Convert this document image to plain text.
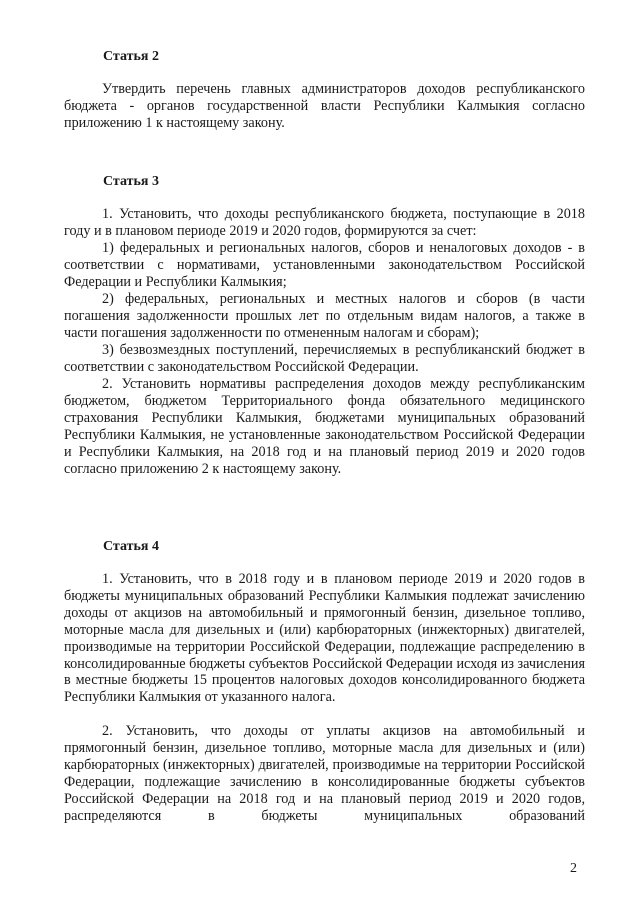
Статья 2
Утвердить перечень главных администраторов доходов республиканского бюджета - органов государственной власти Республики Калмыкия согласно приложению 1 к настоящему закону.
Статья 3
1. Установить, что доходы республиканского бюджета, поступающие в 2018 году и в плановом периоде 2019 и 2020 годов, формируются за счет:
1) федеральных и региональных налогов, сборов и неналоговых доходов - в соответствии с нормативами, установленными законодательством Российской Федерации и Республики Калмыкия;
2) федеральных, региональных и местных налогов и сборов (в части погашения задолженности прошлых лет по отдельным видам налогов, а также в части погашения задолженности по отмененным налогам и сборам);
3) безвозмездных поступлений, перечисляемых в республиканский бюджет в соответствии с законодательством Российской Федерации.
2. Установить нормативы распределения доходов между республиканским бюджетом, бюджетом Территориального фонда обязательного медицинского страхования Республики Калмыкия, бюджетами муниципальных образований Республики Калмыкия, не установленные законодательством Российской Федерации и Республики Калмыкия, на 2018 год и на плановый период 2019 и 2020 годов согласно приложению 2 к настоящему закону.
Статья 4
1. Установить, что в 2018 году и в плановом периоде 2019 и 2020 годов в бюджеты муниципальных образований Республики Калмыкия подлежат зачислению доходы от акцизов на автомобильный и прямогонный бензин, дизельное топливо, моторные масла для дизельных и (или) карбюраторных (инжекторных) двигателей, производимые на территории Российской Федерации, подлежащие распределению в консолидированные бюджеты субъектов Российской Федерации исходя из зачисления в местные бюджеты 15 процентов налоговых доходов консолидированного бюджета Республики Калмыкия от указанного налога.
2. Установить, что доходы от уплаты акцизов на автомобильный и прямогонный бензин, дизельное топливо, моторные масла для дизельных и (или) карбюраторных (инжекторных) двигателей, производимые на территории Российской Федерации, подлежащие зачислению в консолидированные бюджеты субъектов Российской Федерации на 2018 год и на плановый период 2019 и 2020 годов, распределяются в бюджеты муниципальных образований
2
